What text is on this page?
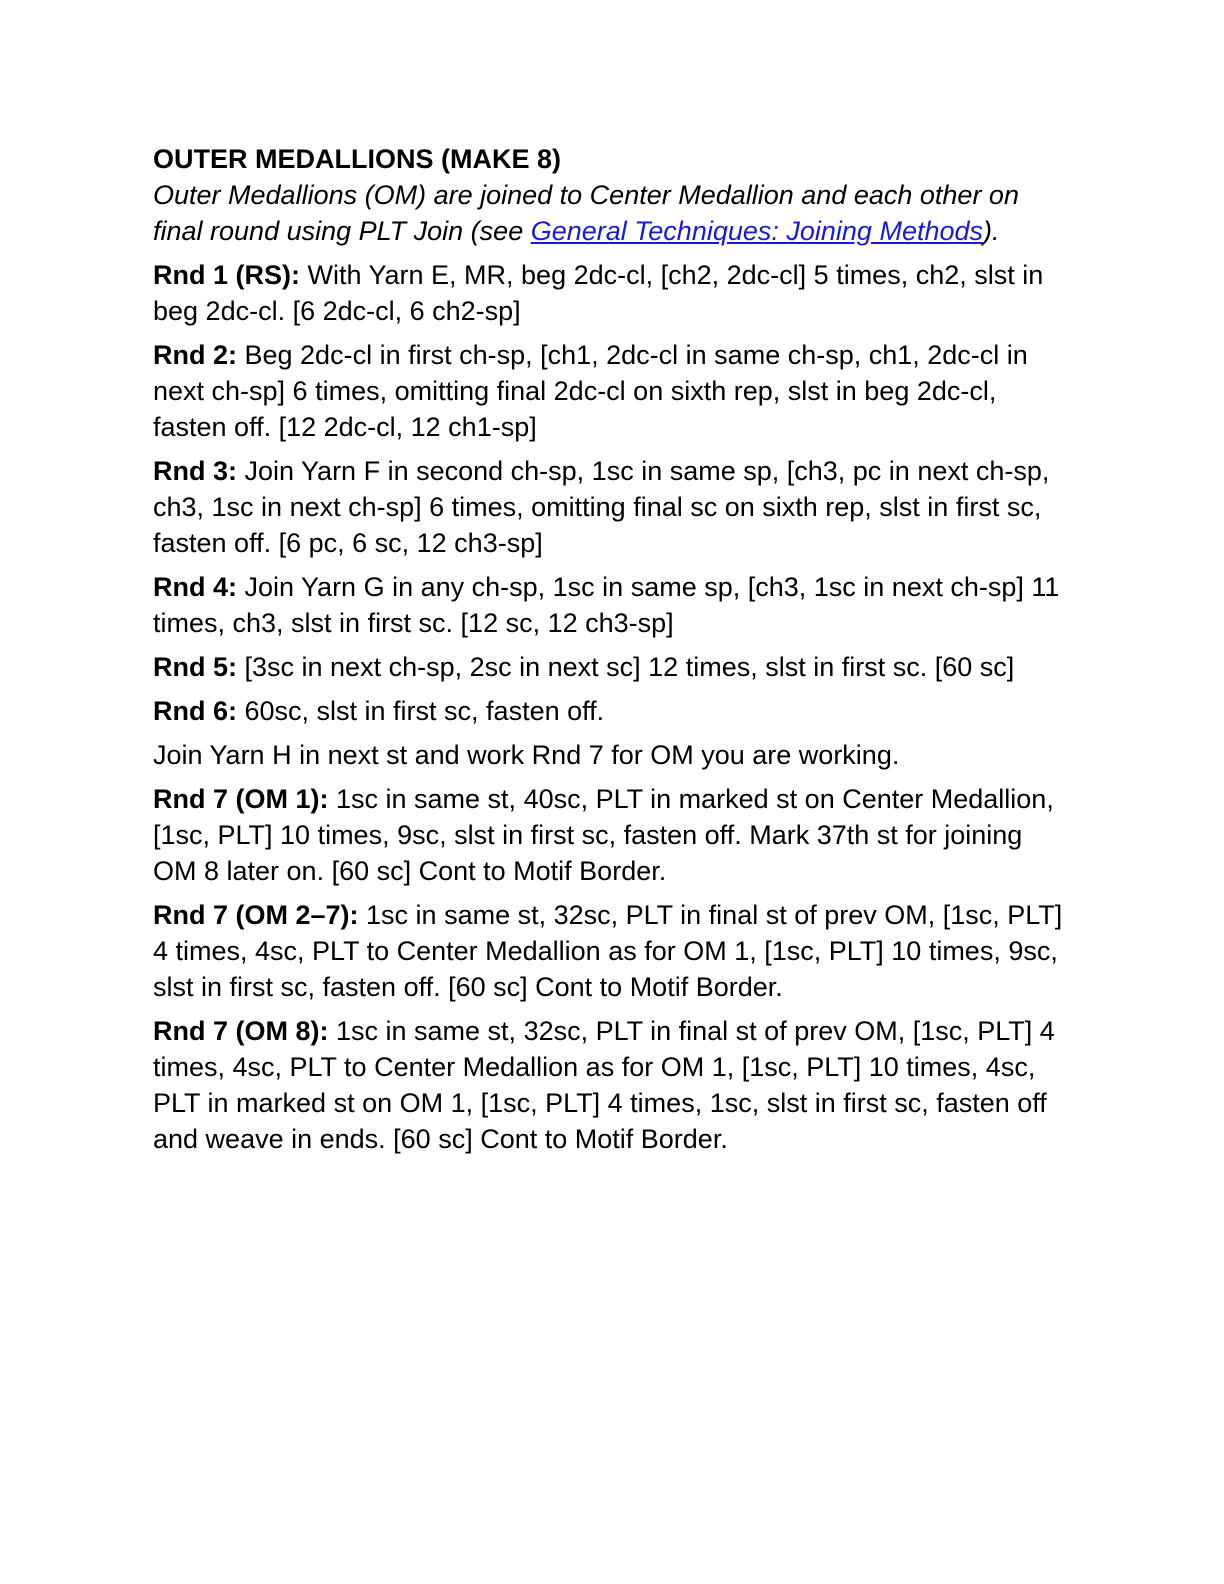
OUTER MEDALLIONS (MAKE 8)

Outer Medallions (OM) are joined to Center Medallion and each other on final round using PLT Join (see General Techniques: Joining Methods).

Rnd 1 (RS): With Yarn E, MR, beg 2dc-cl, [ch2, 2dc-cl] 5 times, ch2, slst in beg 2dc-cl. [6 2dc-cl, 6 ch2-sp]

Rnd 2: Beg 2dc-cl in first ch-sp, [ch1, 2dc-cl in same ch-sp, ch1, 2dc-cl in next ch-sp] 6 times, omitting final 2dc-cl on sixth rep, slst in beg 2dc-cl, fasten off. [12 2dc-cl, 12 ch1-sp]

Rnd 3: Join Yarn F in second ch-sp, 1sc in same sp, [ch3, pc in next ch-sp, ch3, 1sc in next ch-sp] 6 times, omitting final sc on sixth rep, slst in first sc, fasten off. [6 pc, 6 sc, 12 ch3-sp]

Rnd 4: Join Yarn G in any ch-sp, 1sc in same sp, [ch3, 1sc in next ch-sp] 11 times, ch3, slst in first sc. [12 sc, 12 ch3-sp]

Rnd 5: [3sc in next ch-sp, 2sc in next sc] 12 times, slst in first sc. [60 sc]

Rnd 6: 60sc, slst in first sc, fasten off.

Join Yarn H in next st and work Rnd 7 for OM you are working.

Rnd 7 (OM 1): 1sc in same st, 40sc, PLT in marked st on Center Medallion, [1sc, PLT] 10 times, 9sc, slst in first sc, fasten off. Mark 37th st for joining OM 8 later on. [60 sc] Cont to Motif Border.

Rnd 7 (OM 2–7): 1sc in same st, 32sc, PLT in final st of prev OM, [1sc, PLT] 4 times, 4sc, PLT to Center Medallion as for OM 1, [1sc, PLT] 10 times, 9sc, slst in first sc, fasten off. [60 sc] Cont to Motif Border.

Rnd 7 (OM 8): 1sc in same st, 32sc, PLT in final st of prev OM, [1sc, PLT] 4 times, 4sc, PLT to Center Medallion as for OM 1, [1sc, PLT] 10 times, 4sc, PLT in marked st on OM 1, [1sc, PLT] 4 times, 1sc, slst in first sc, fasten off and weave in ends. [60 sc] Cont to Motif Border.
